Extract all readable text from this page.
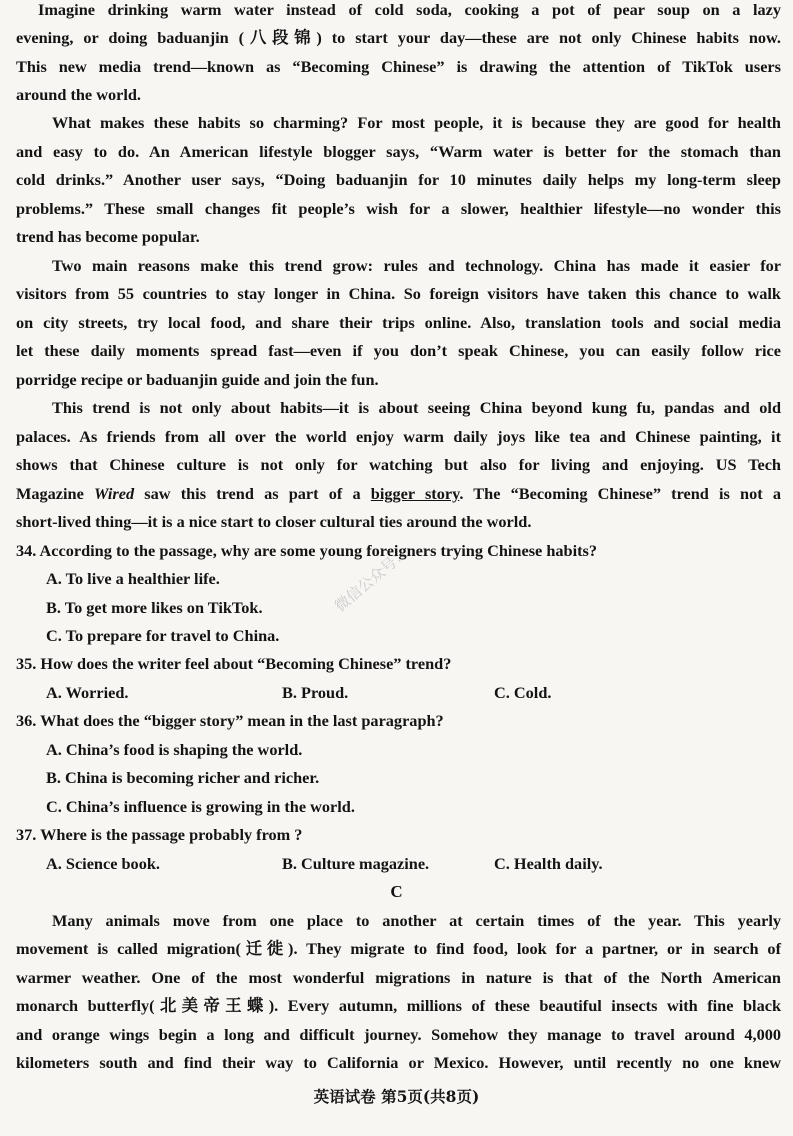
微信公众号：
Imagine drinking warm water instead of cold soda, cooking a pot of pear soup on a lazy
evening, or doing baduanjin (八段锦) to start your day—these are not only Chinese habits now.
This new media trend—known as “Becoming Chinese” is drawing the attention of TikTok users
around the world.
What makes these habits so charming? For most people, it is because they are good for health
and easy to do. An American lifestyle blogger says, “Warm water is better for the stomach than
cold drinks.” Another user says, “Doing baduanjin for 10 minutes daily helps my long-term sleep
problems.” These small changes fit people’s wish for a slower, healthier lifestyle—no wonder this
trend has become popular.
Two main reasons make this trend grow: rules and technology. China has made it easier for
visitors from 55 countries to stay longer in China. So foreign visitors have taken this chance to walk
on city streets, try local food, and share their trips online. Also, translation tools and social media
let these daily moments spread fast—even if you don’t speak Chinese, you can easily follow rice
porridge recipe or baduanjin guide and join the fun.
This trend is not only about habits—it is about seeing China beyond kung fu, pandas and old
palaces. As friends from all over the world enjoy warm daily joys like tea and Chinese painting, it
shows that Chinese culture is not only for watching but also for living and enjoying. US Tech
Magazine Wired saw this trend as part of a bigger story. The “Becoming Chinese” trend is not a
short-lived thing—it is a nice start to closer cultural ties around the world.
34. According to the passage, why are some young foreigners trying Chinese habits?
A. To live a healthier life.
B. To get more likes on TikTok.
C. To prepare for travel to China.
35. How does the writer feel about “Becoming Chinese” trend?
A. Worried.	B. Proud.	C. Cold.
36. What does the “bigger story” mean in the last paragraph?
A. China’s food is shaping the world.
B. China is becoming richer and richer.
C. China’s influence is growing in the world.
37. Where is the passage probably from ?
A. Science book.	B. Culture magazine.	C. Health daily.
C
Many animals move from one place to another at certain times of the year. This yearly
movement is called migration(迁徙). They migrate to find food, look for a partner, or in search of
warmer weather. One of the most wonderful migrations in nature is that of the North American
monarch butterfly(北美帝王蝶). Every autumn, millions of these beautiful insects with fine black
and orange wings begin a long and difficult journey. Somehow they manage to travel around 4,000
kilometers south and find their way to California or Mexico. However, until recently no one knew
英语试卷 第5页(共8页)
